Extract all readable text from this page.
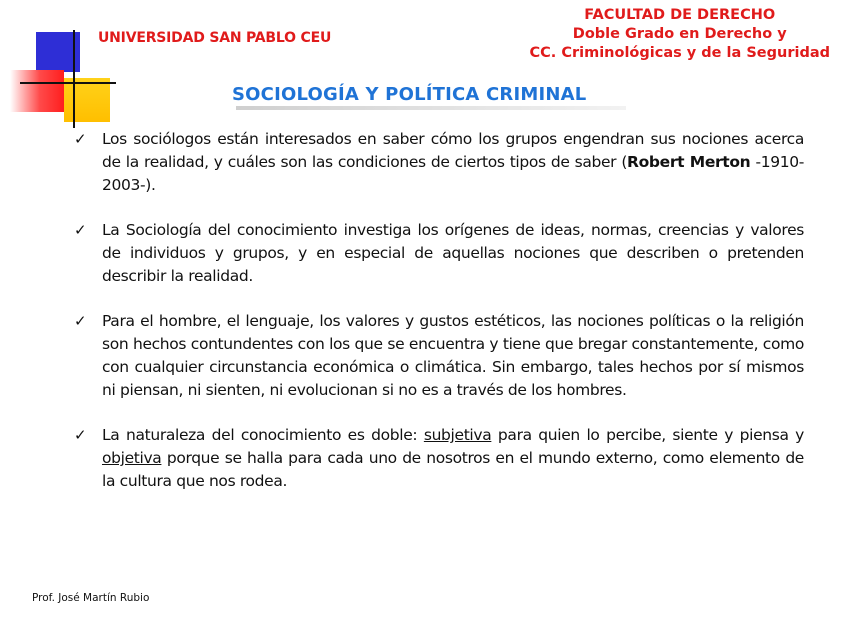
UNIVERSIDAD SAN PABLO CEU
FACULTAD DE DERECHO
Doble Grado en Derecho y
CC. Criminológicas y de la Seguridad
SOCIOLOGÍA Y POLÍTICA CRIMINAL
✓ Los sociólogos están interesados en saber cómo los grupos engendran sus nociones acerca de la realidad, y cuáles son las condiciones de ciertos tipos de saber (Robert Merton -1910-2003-).
✓ La Sociología del conocimiento investiga los orígenes de ideas, normas, creencias y valores de individuos y grupos, y en especial de aquellas nociones que describen o pretenden describir la realidad.
✓ Para el hombre, el lenguaje, los valores y gustos estéticos, las nociones políticas o la religión son hechos contundentes con los que se encuentra y tiene que bregar constantemente, como con cualquier circunstancia económica o climática. Sin embargo, tales hechos por sí mismos ni piensan, ni sienten, ni evolucionan si no es a través de los hombres.
✓ La naturaleza del conocimiento es doble: subjetiva para quien lo percibe, siente y piensa y objetiva porque se halla para cada uno de nosotros en el mundo externo, como elemento de la cultura que nos rodea.
Prof. José Martín Rubio
